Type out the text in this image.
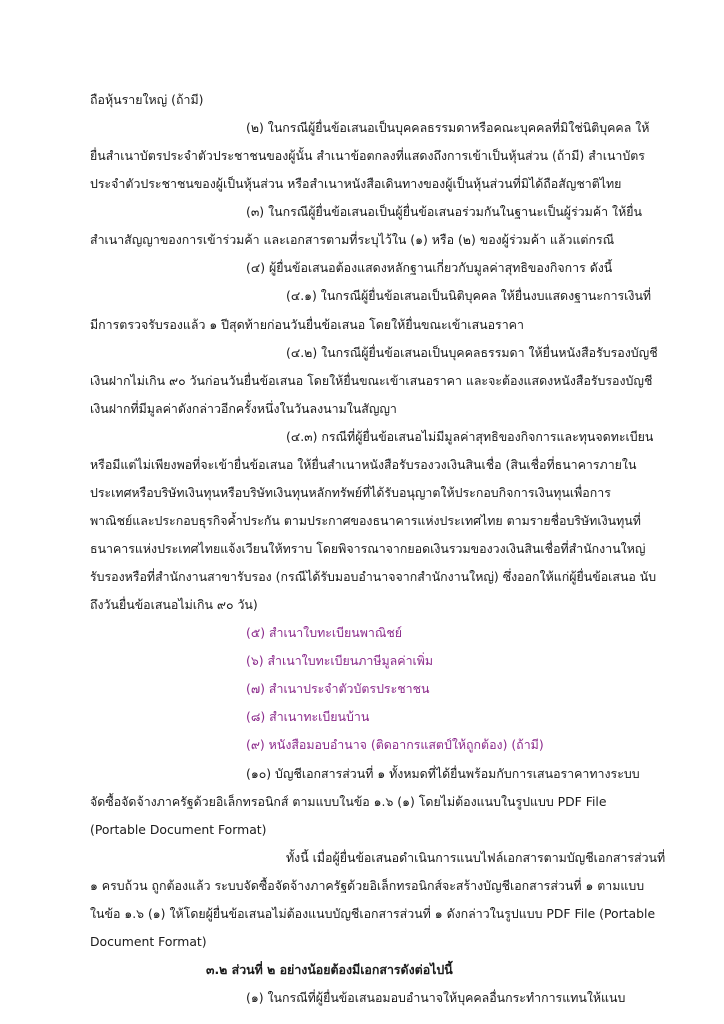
ถือหุ้นรายใหญ่ (ถ้ามี)
(๒) ในกรณีผู้ยื่นข้อเสนอเป็นบุคคลธรรมดาหรือคณะบุคคลที่มิใช่นิติบุคคล ให้
ยื่นสำเนาบัตรประจำตัวประชาชนของผู้นั้น สำเนาข้อตกลงที่แสดงถึงการเข้าเป็นหุ้นส่วน (ถ้ามี) สำเนาบัตร
ประจำตัวประชาชนของผู้เป็นหุ้นส่วน หรือสำเนาหนังสือเดินทางของผู้เป็นหุ้นส่วนที่มิได้ถือสัญชาติไทย
(๓) ในกรณีผู้ยื่นข้อเสนอเป็นผู้ยื่นข้อเสนอร่วมกันในฐานะเป็นผู้ร่วมค้า ให้ยื่น
สำเนาสัญญาของการเข้าร่วมค้า และเอกสารตามที่ระบุไว้ใน (๑) หรือ (๒) ของผู้ร่วมค้า แล้วแต่กรณี
(๔) ผู้ยื่นข้อเสนอต้องแสดงหลักฐานเกี่ยวกับมูลค่าสุทธิของกิจการ ดังนี้
(๔.๑) ในกรณีผู้ยื่นข้อเสนอเป็นนิติบุคคล ให้ยื่นงบแสดงฐานะการเงินที่
มีการตรวจรับรองแล้ว ๑ ปีสุดท้ายก่อนวันยื่นข้อเสนอ โดยให้ยื่นขณะเข้าเสนอราคา
(๔.๒) ในกรณีผู้ยื่นข้อเสนอเป็นบุคคลธรรมดา ให้ยื่นหนังสือรับรองบัญชี
เงินฝากไม่เกิน ๙๐ วันก่อนวันยื่นข้อเสนอ โดยให้ยื่นขณะเข้าเสนอราคา และจะต้องแสดงหนังสือรับรองบัญชี
เงินฝากที่มีมูลค่าดังกล่าวอีกครั้งหนึ่งในวันลงนามในสัญญา
(๔.๓) กรณีที่ผู้ยื่นข้อเสนอไม่มีมูลค่าสุทธิของกิจการและทุนจดทะเบียน
หรือมีแต่ไม่เพียงพอที่จะเข้ายื่นข้อเสนอ ให้ยื่นสำเนาหนังสือรับรองวงเงินสินเชื่อ (สินเชื่อที่ธนาคารภายใน
ประเทศหรือบริษัทเงินทุนหรือบริษัทเงินทุนหลักทรัพย์ที่ได้รับอนุญาตให้ประกอบกิจการเงินทุนเพื่อการ
พาณิชย์และประกอบธุรกิจค้ำประกัน ตามประกาศของธนาคารแห่งประเทศไทย ตามรายชื่อบริษัทเงินทุนที่
ธนาคารแห่งประเทศไทยแจ้งเวียนให้ทราบ โดยพิจารณาจากยอดเงินรวมของวงเงินสินเชื่อที่สำนักงานใหญ่
รับรองหรือที่สำนักงานสาขารับรอง (กรณีได้รับมอบอำนาจจากสำนักงานใหญ่) ซึ่งออกให้แก่ผู้ยื่นข้อเสนอ นับ
ถึงวันยื่นข้อเสนอไม่เกิน ๙๐ วัน)
(๕) สำเนาใบทะเบียนพาณิชย์
(๖) สำเนาใบทะเบียนภาษีมูลค่าเพิ่ม
(๗) สำเนาประจำตัวบัตรประชาชน
(๘) สำเนาทะเบียนบ้าน
(๙) หนังสือมอบอำนาจ (ติดอากรแสตป์ให้ถูกต้อง) (ถ้ามี)
(๑๐) บัญชีเอกสารส่วนที่ ๑ ทั้งหมดที่ได้ยื่นพร้อมกับการเสนอราคาทางระบบ
จัดซื้อจัดจ้างภาครัฐด้วยอิเล็กทรอนิกส์ ตามแบบในข้อ ๑.๖ (๑) โดยไม่ต้องแนบในรูปแบบ PDF File
(Portable Document Format)
ทั้งนี้ เมื่อผู้ยื่นข้อเสนอดำเนินการแนบไฟล์เอกสารตามบัญชีเอกสารส่วนที่
๑ ครบถ้วน ถูกต้องแล้ว ระบบจัดซื้อจัดจ้างภาครัฐด้วยอิเล็กทรอนิกส์จะสร้างบัญชีเอกสารส่วนที่ ๑ ตามแบบ
ในข้อ ๑.๖ (๑) ให้โดยผู้ยื่นข้อเสนอไม่ต้องแนบบัญชีเอกสารส่วนที่ ๑ ดังกล่าวในรูปแบบ PDF File (Portable
Document Format)
๓.๒ ส่วนที่ ๒ อย่างน้อยต้องมีเอกสารดังต่อไปนี้
(๑) ในกรณีที่ผู้ยื่นข้อเสนอมอบอำนาจให้บุคคลอื่นกระทำการแทนให้แนบ
